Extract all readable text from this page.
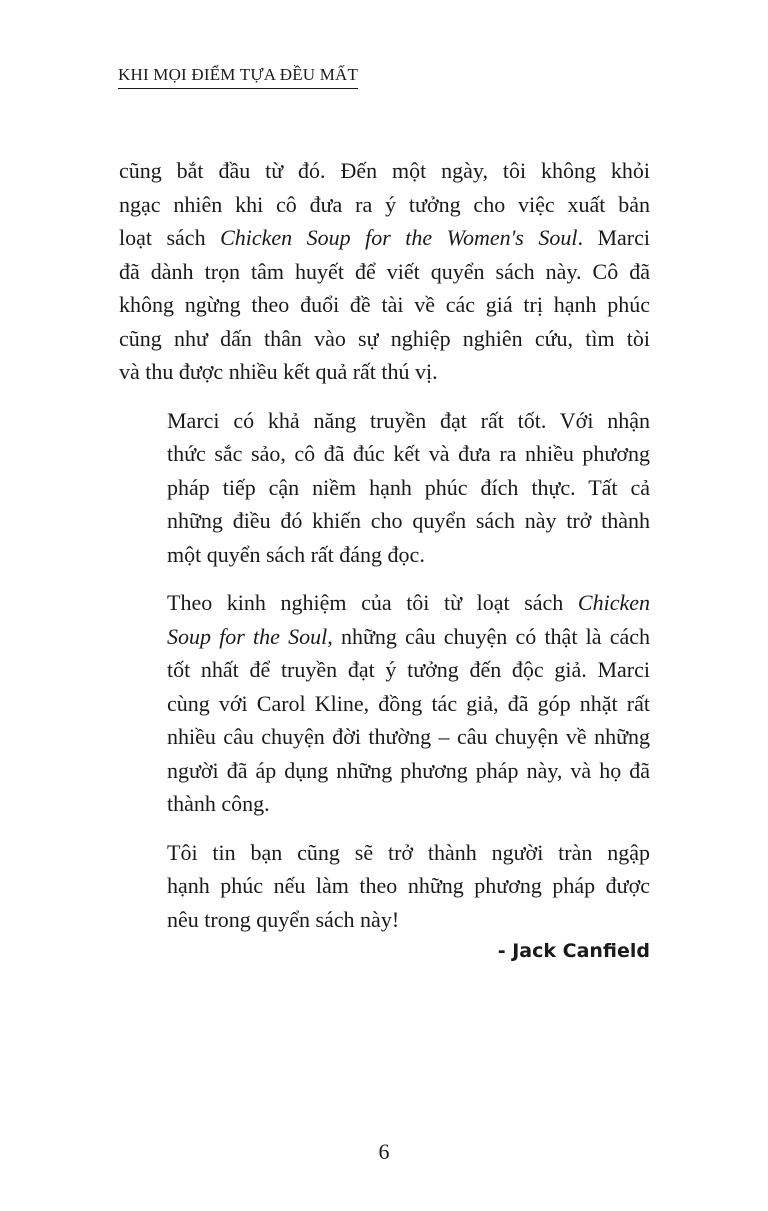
KHI MỌI ĐIỂM TỰA ĐỀU MẤT

cũng bắt đầu từ đó. Đến một ngày, tôi không khỏi
ngạc nhiên khi cô đưa ra ý tưởng cho việc xuất bản
loạt sách Chicken Soup for the Women's Soul. Marci
đã dành trọn tâm huyết để viết quyển sách này. Cô đã
không ngừng theo đuổi đề tài về các giá trị hạnh phúc
cũng như dấn thân vào sự nghiệp nghiên cứu, tìm tòi
và thu được nhiều kết quả rất thú vị.

Marci có khả năng truyền đạt rất tốt. Với nhận
thức sắc sảo, cô đã đúc kết và đưa ra nhiều phương
pháp tiếp cận niềm hạnh phúc đích thực. Tất cả
những điều đó khiến cho quyển sách này trở thành
một quyển sách rất đáng đọc.

Theo kinh nghiệm của tôi từ loạt sách Chicken
Soup for the Soul, những câu chuyện có thật là cách
tốt nhất để truyền đạt ý tưởng đến độc giả. Marci
cùng với Carol Kline, đồng tác giả, đã góp nhặt rất
nhiều câu chuyện đời thường – câu chuyện về những
người đã áp dụng những phương pháp này, và họ đã
thành công.

Tôi tin bạn cũng sẽ trở thành người tràn ngập
hạnh phúc nếu làm theo những phương pháp được
nêu trong quyển sách này!

- Jack Canfield
6
